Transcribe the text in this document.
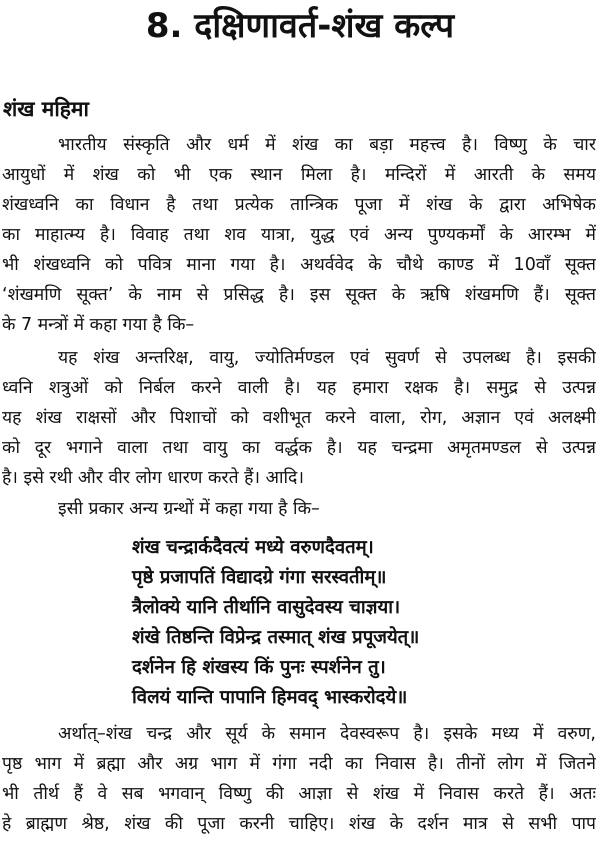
8. दक्षिणावर्त-शंख कल्प
शंख महिमा
भारतीय संस्कृति और धर्म में शंख का बड़ा महत्त्व है। विष्णु के चार
आयुधों में शंख को भी एक स्थान मिला है। मन्दिरों में आरती के समय
शंखध्वनि का विधान है तथा प्रत्येक तान्त्रिक पूजा में शंख के द्वारा अभिषेक
का माहात्म्य है। विवाह तथा शव यात्रा, युद्ध एवं अन्य पुण्यकर्मों के आरम्भ में
भी शंखध्वनि को पवित्र माना गया है। अथर्ववेद के चौथे काण्ड में 10वाँ सूक्त
‘शंखमणि सूक्त’ के नाम से प्रसिद्ध है। इस सूक्त के ऋषि शंखमणि हैं। सूक्त
के 7 मन्त्रों में कहा गया है कि–
यह शंख अन्तरिक्ष, वायु, ज्योतिर्मण्डल एवं सुवर्ण से उपलब्ध है। इसकी
ध्वनि शत्रुओं को निर्बल करने वाली है। यह हमारा रक्षक है। समुद्र से उत्पन्न
यह शंख राक्षसों और पिशाचों को वशीभूत करने वाला, रोग, अज्ञान एवं अलक्ष्मी
को दूर भगाने वाला तथा वायु का वर्द्धक है। यह चन्द्रमा अमृतमण्डल से उत्पन्न
है। इसे रथी और वीर लोग धारण करते हैं। आदि।
इसी प्रकार अन्य ग्रन्थों में कहा गया है कि–
शंख चन्द्रार्कदैवत्यं मध्ये वरुणदैवतम्।
पृष्ठे प्रजापतिं विद्यादग्रे गंगा सरस्वतीम्॥
त्रैलोक्ये यानि तीर्थानि वासुदेवस्य चाज्ञया।
शंखे तिष्ठन्ति विप्रेन्द्र तस्मात् शंख प्रपूजयेत्॥
दर्शनेन हि शंखस्य किं पुनः स्पर्शनेन तु।
विलयं यान्ति पापानि हिमवद् भास्करोदये॥
अर्थात्–शंख चन्द्र और सूर्य के समान देवस्वरूप है। इसके मध्य में वरुण,
पृष्ठ भाग में ब्रह्मा और अग्र भाग में गंगा नदी का निवास है। तीनों लोग में जितने
भी तीर्थ हैं वे सब भगवान् विष्णु की आज्ञा से शंख में निवास करते हैं। अतः
हे ब्राह्मण श्रेष्ठ, शंख की पूजा करनी चाहिए। शंख के दर्शन मात्र से सभी पाप
